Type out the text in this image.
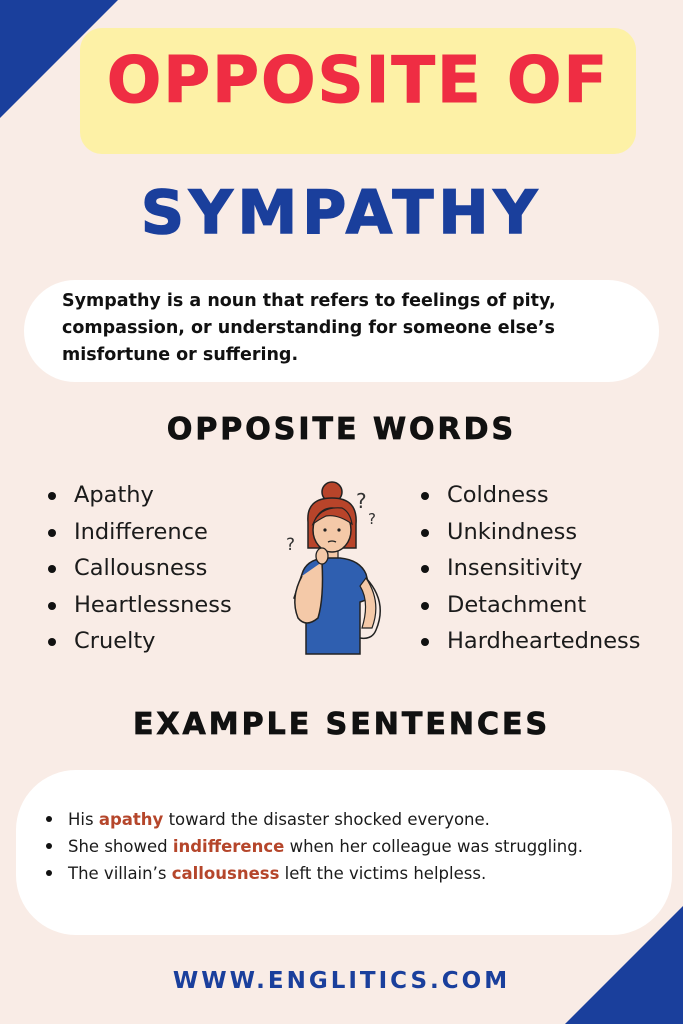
OPPOSITE OF
SYMPATHY
Sympathy is a noun that refers to feelings of pity, compassion, or understanding for someone else’s misfortune or suffering.
OPPOSITE WORDS
Apathy
Indifference
Callousness
Heartlessness
Cruelty
?
?
?
Coldness
Unkindness
Insensitivity
Detachment
Hardheartedness
EXAMPLE SENTENCES
His apathy toward the disaster shocked everyone.
She showed indifference when her colleague was struggling.
The villain’s callousness left the victims helpless.
WWW.ENGLITICS.COM
